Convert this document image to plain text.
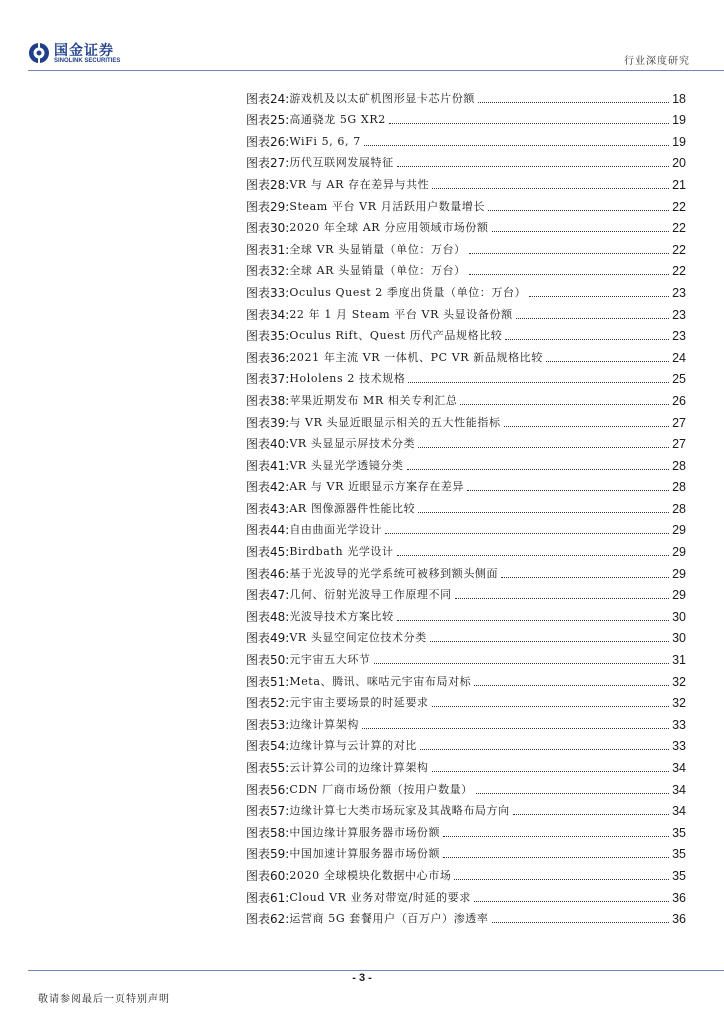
国金证券
SINOLINK SECURITIES	行业深度研究
图表24: 游戏机及以太矿机图形显卡芯片份额	18
图表25: 高通骁龙 5G XR2	19
图表26: WiFi 5, 6, 7	19
图表27: 历代互联网发展特征	20
图表28: VR 与 AR 存在差异与共性	21
图表29: Steam 平台 VR 月活跃用户数量增长	22
图表30: 2020 年全球 AR 分应用领域市场份额	22
图表31: 全球 VR 头显销量（单位：万台）	22
图表32: 全球 AR 头显销量（单位：万台）	22
图表33: Oculus Quest 2 季度出货量（单位：万台）	23
图表34: 22 年 1 月 Steam 平台 VR 头显设备份额	23
图表35: Oculus Rift、Quest 历代产品规格比较	23
图表36: 2021 年主流 VR 一体机、PC VR 新品规格比较	24
图表37: Hololens 2 技术规格	25
图表38: 苹果近期发布 MR 相关专利汇总	26
图表39: 与 VR 头显近眼显示相关的五大性能指标	27
图表40: VR 头显显示屏技术分类	27
图表41: VR 头显光学透镜分类	28
图表42: AR 与 VR 近眼显示方案存在差异	28
图表43: AR 图像源器件性能比较	28
图表44: 自由曲面光学设计	29
图表45: Birdbath 光学设计	29
图表46: 基于光波导的光学系统可被移到额头侧面	29
图表47: 几何、衍射光波导工作原理不同	29
图表48: 光波导技术方案比较	30
图表49: VR 头显空间定位技术分类	30
图表50: 元宇宙五大环节	31
图表51: Meta、腾讯、咪咕元宇宙布局对标	32
图表52: 元宇宙主要场景的时延要求	32
图表53: 边缘计算架构	33
图表54: 边缘计算与云计算的对比	33
图表55: 云计算公司的边缘计算架构	34
图表56: CDN 厂商市场份额（按用户数量）	34
图表57: 边缘计算七大类市场玩家及其战略布局方向	34
图表58: 中国边缘计算服务器市场份额	35
图表59: 中国加速计算服务器市场份额	35
图表60: 2020 全球模块化数据中心市场	35
图表61: Cloud VR 业务对带宽/时延的要求	36
图表62: 运营商 5G 套餐用户（百万户）渗透率	36
- 3 -
敬请参阅最后一页特别声明
